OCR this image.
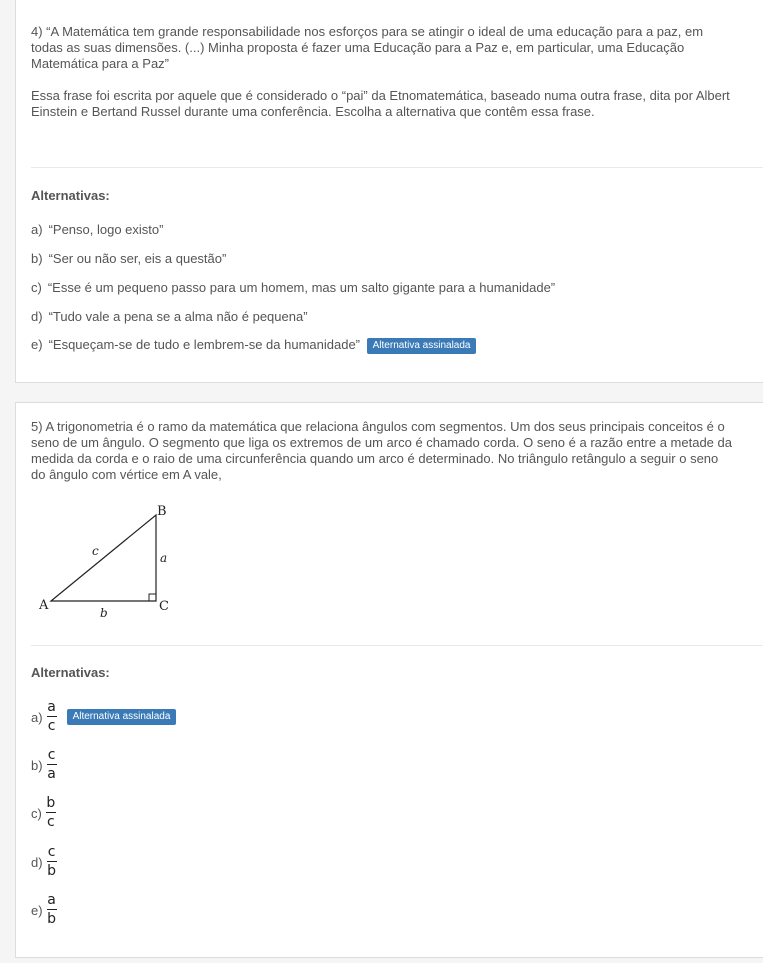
4) “A Matemática tem grande responsabilidade nos esforços para se atingir o ideal de uma educação para a paz, em
todas as suas dimensões. (...) Minha proposta é fazer uma Educação para a Paz e, em particular, uma Educação
Matemática para a Paz”

Essa frase foi escrita por aquele que é considerado o “pai” da Etnomatemática, baseado numa outra frase, dita por Albert
Einstein e Bertand Russel durante uma conferência. Escolha a alternativa que contêm essa frase.

Alternativas:

a) “Penso, logo existo”
b) “Ser ou não ser, eis a questão”
c) “Esse é um pequeno passo para um homem, mas um salto gigante para a humanidade”
d) “Tudo vale a pena se a alma não é pequena”
e) “Esqueçam-se de tudo e lembrem-se da humanidade” Alternativa assinalada

5) A trigonometria é o ramo da matemática que relaciona ângulos com segmentos. Um dos seus principais conceitos é o
seno de um ângulo. O segmento que liga os extremos de um arco é chamado corda. O seno é a razão entre a metade da
medida da corda e o raio de uma circunferência quando um arco é determinado. No triângulo retângulo a seguir o seno
do ângulo com vértice em A vale,

A
B
C
a
b
c

Alternativas:

$a) \frac{a}{c}$	Alternativa assinalada
$b) \frac{c}{a}$
$c) \frac{b}{c}$
$d) \frac{c}{b}$
$e) \frac{a}{b}$
